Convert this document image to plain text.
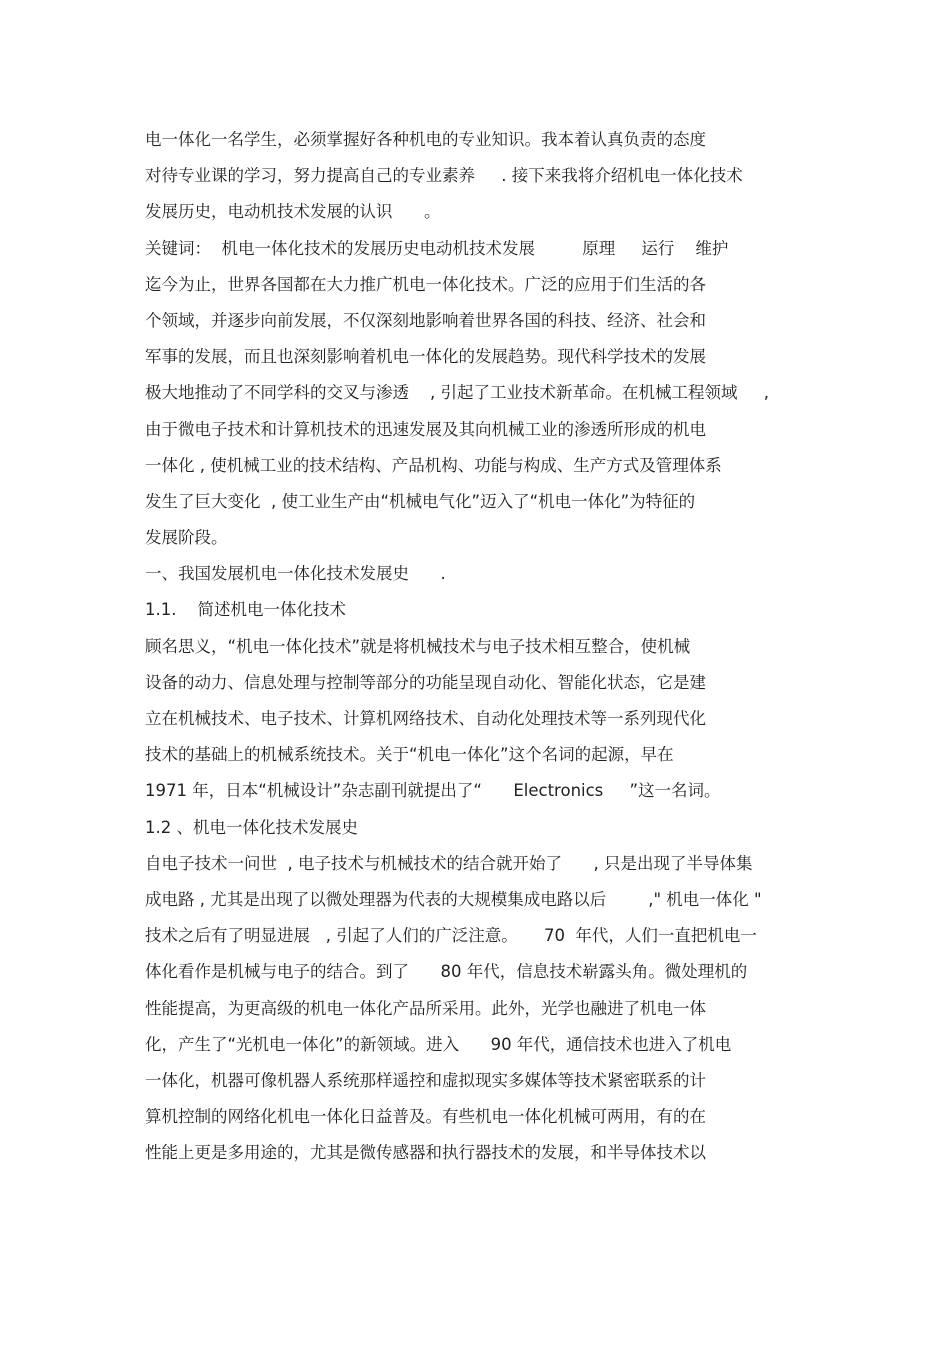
电一体化一名学生，必须掌握好各种机电的专业知识。我本着认真负责的态度
对待专业课的学习，努力提高自己的专业素养     . 接下来我将介绍机电一体化技术
发展历史，电动机技术发展的认识      。
关键词：  机电一体化技术的发展历史电动机技术发展         原理     运行    维护
迄今为止，世界各国都在大力推广机电一体化技术。广泛的应用于们生活的各
个领域，并逐步向前发展，不仅深刻地影响着世界各国的科技、经济、社会和
军事的发展，而且也深刻影响着机电一体化的发展趋势。现代科学技术的发展
极大地推动了不同学科的交叉与渗透    , 引起了工业技术新革命。在机械工程领域     ,
由于微电子技术和计算机技术的迅速发展及其向机械工业的渗透所形成的机电
一体化 , 使机械工业的技术结构、产品机构、功能与构成、生产方式及管理体系
发生了巨大变化  , 使工业生产由“机械电气化”迈入了“机电一体化”为特征的
发展阶段。
一、我国发展机电一体化技术发展史      .
1.1.    简述机电一体化技术
顾名思义，“机电一体化技术”就是将机械技术与电子技术相互整合，使机械
设备的动力、信息处理与控制等部分的功能呈现自动化、智能化状态，它是建
立在机械技术、电子技术、计算机网络技术、自动化处理技术等一系列现代化
技术的基础上的机械系统技术。关于“机电一体化”这个名词的起源，早在
1971 年，日本“机械设计”杂志副刊就提出了“      Electronics     ”这一名词。
1.2 、机电一体化技术发展史
自电子技术一问世  , 电子技术与机械技术的结合就开始了      , 只是出现了半导体集
成电路 , 尤其是出现了以微处理器为代表的大规模集成电路以后        ," 机电一体化 "
技术之后有了明显进展   , 引起了人们的广泛注意。     70  年代，人们一直把机电一
体化看作是机械与电子的结合。到了      80 年代，信息技术崭露头角。微处理机的
性能提高，为更高级的机电一体化产品所采用。此外，光学也融进了机电一体
化，产生了“光机电一体化”的新领域。进入      90 年代，通信技术也进入了机电
一体化，机器可像机器人系统那样遥控和虚拟现实多媒体等技术紧密联系的计
算机控制的网络化机电一体化日益普及。有些机电一体化机械可两用，有的在
性能上更是多用途的，尤其是微传感器和执行器技术的发展，和半导体技术以
